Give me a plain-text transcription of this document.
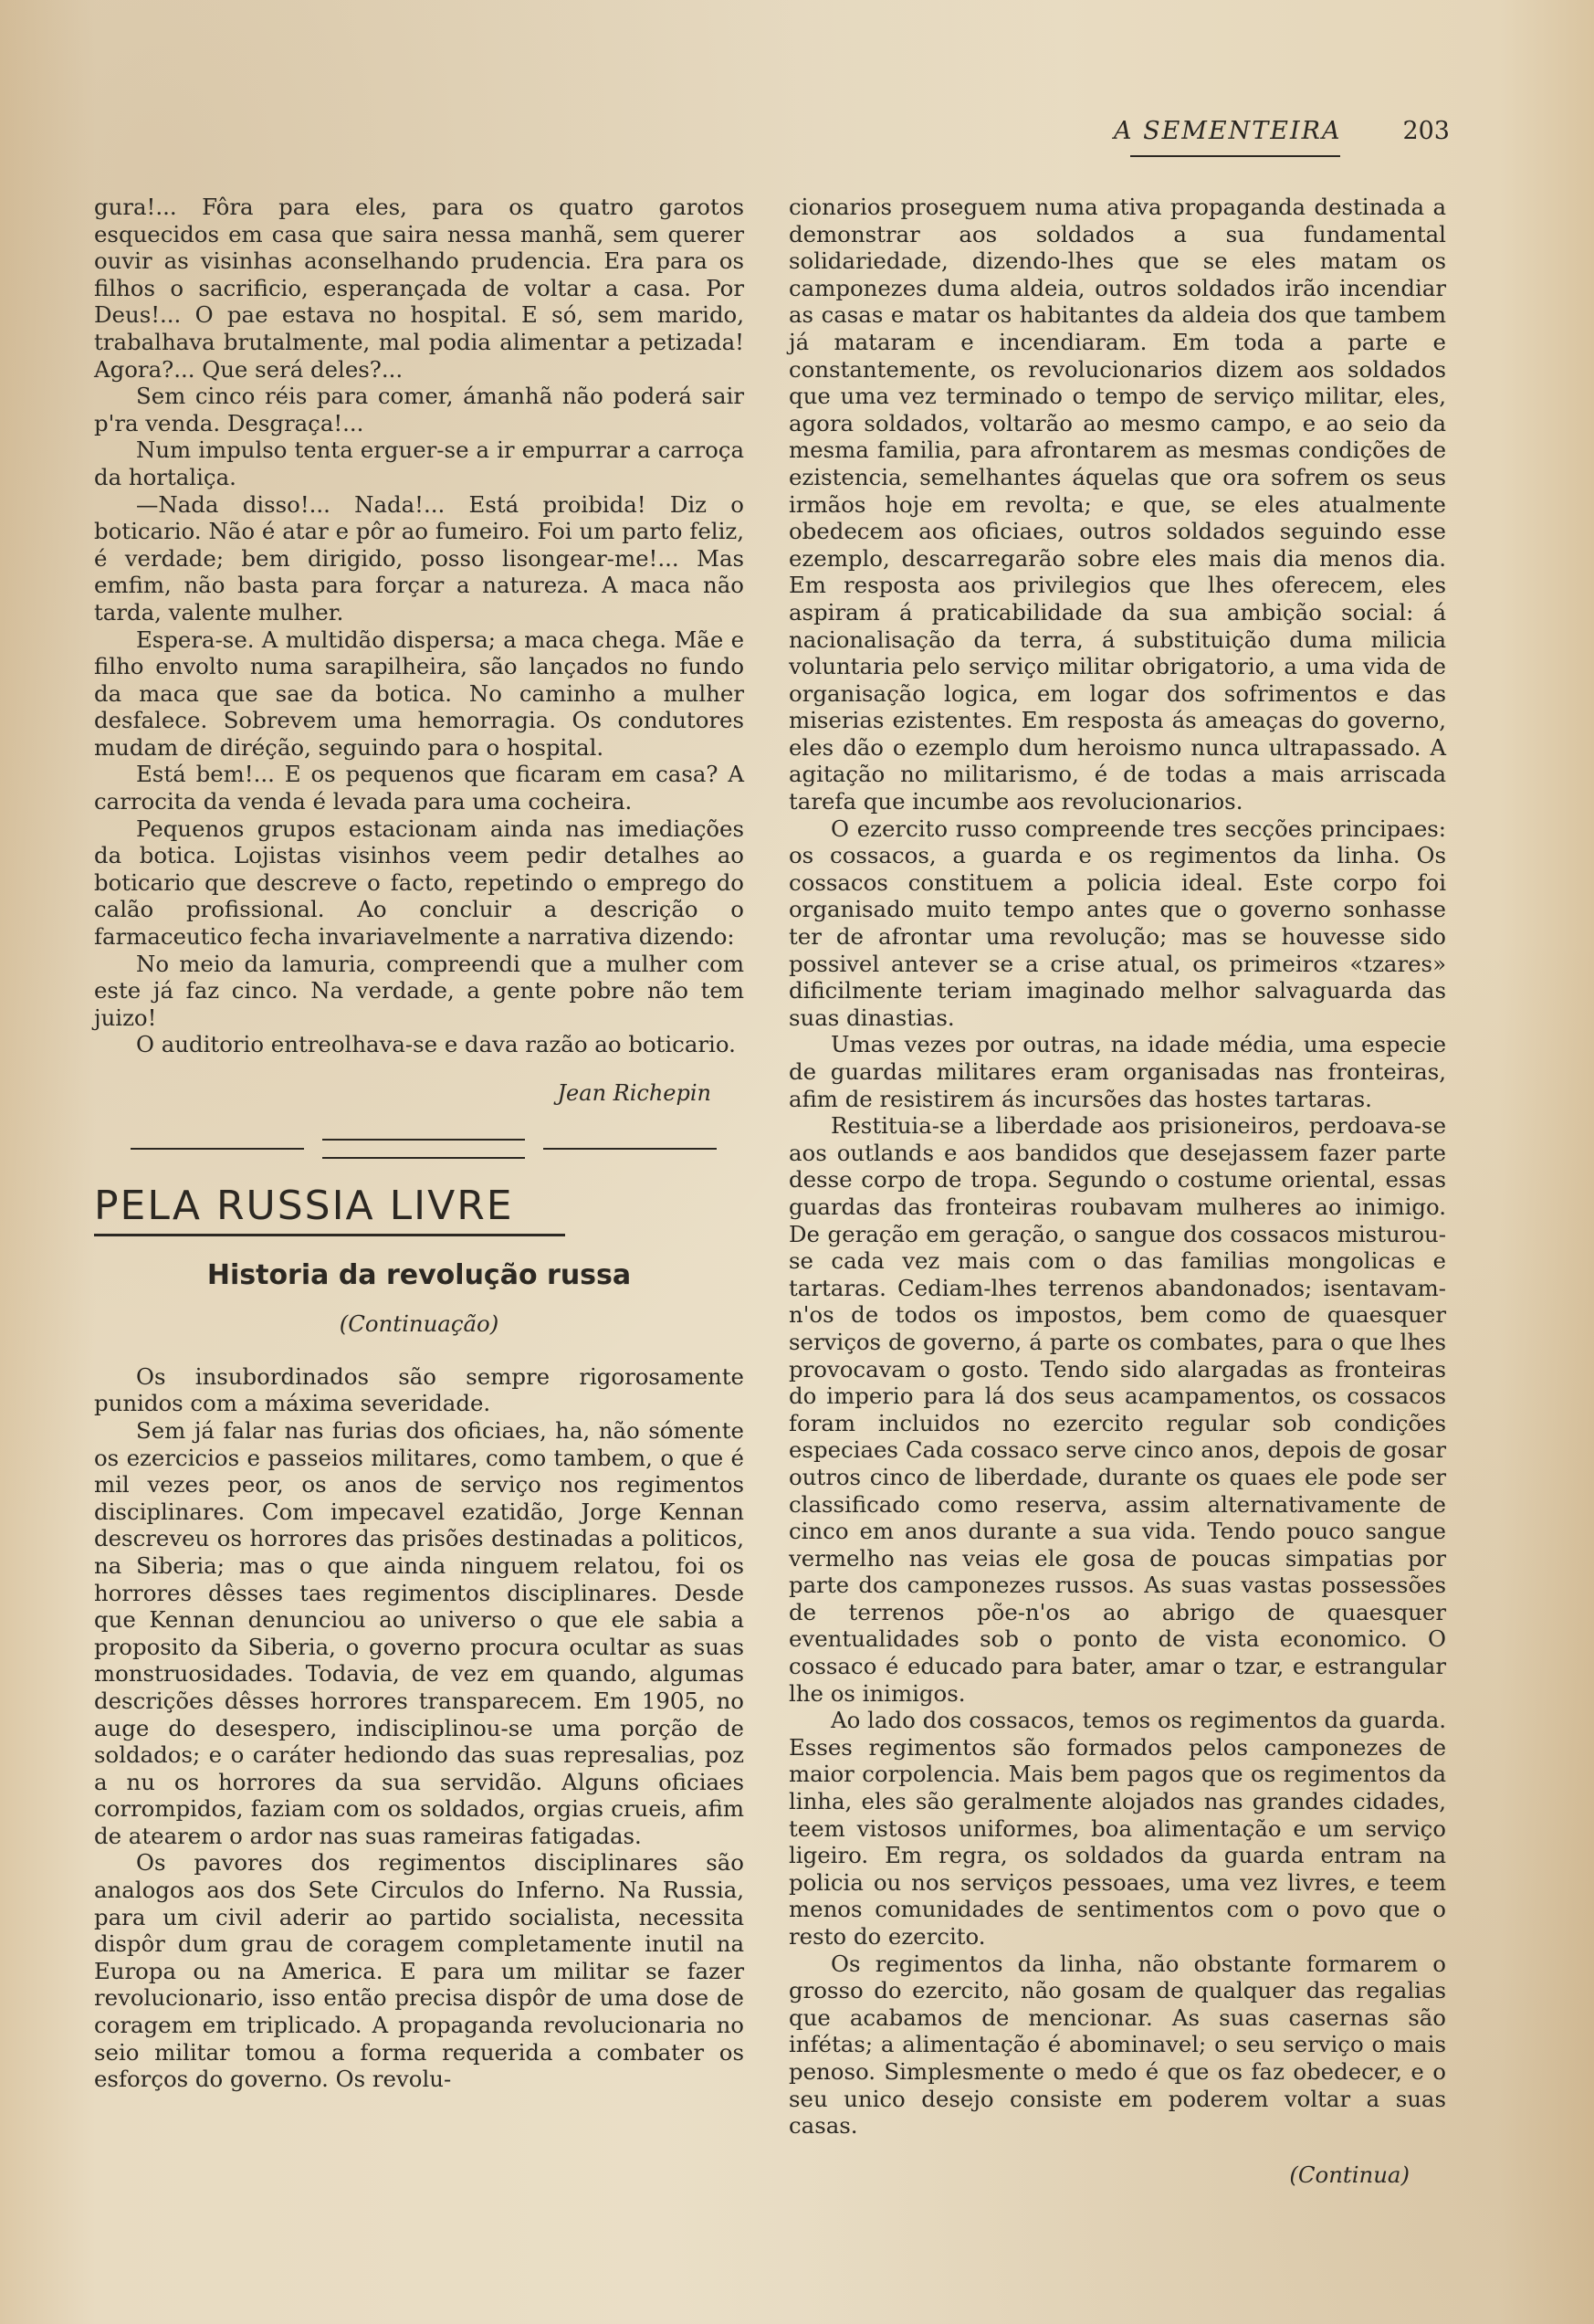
A SEMENTEIRA 203

gura!... Fôra para eles, para os quatro garotos esquecidos em casa que saira nessa manhã, sem querer ouvir as visinhas aconselhando prudencia. Era para os filhos o sacrificio, esperançada de voltar a casa. Por Deus!... O pae estava no hospital. E só, sem marido, trabalhava brutalmente, mal podia alimentar a petizada! Agora?... Que será deles?...

Sem cinco réis para comer, ámanhã não poderá sair p'ra venda. Desgraça!...

Num impulso tenta erguer-se a ir empurrar a carroça da hortaliça.

—Nada disso!... Nada!... Está proibida! Diz o boticario. Não é atar e pôr ao fumeiro. Foi um parto feliz, é verdade; bem dirigido, posso lisongear-me!... Mas emfim, não basta para forçar a natureza. A maca não tarda, valente mulher.

Espera-se. A multidão dispersa; a maca chega. Mãe e filho envolto numa sarapilheira, são lançados no fundo da maca que sae da botica. No caminho a mulher desfalece. Sobrevem uma hemorragia. Os condutores mudam de diréção, seguindo para o hospital.

Está bem!... E os pequenos que ficaram em casa? A carrocita da venda é levada para uma cocheira.

Pequenos grupos estacionam ainda nas imediações da botica. Lojistas visinhos veem pedir detalhes ao boticario que descreve o facto, repetindo o emprego do calão profissional. Ao concluir a descrição o farmaceutico fecha invariavelmente a narrativa dizendo:

No meio da lamuria, compreendi que a mulher com este já faz cinco. Na verdade, a gente pobre não tem juizo!

O auditorio entreolhava-se e dava razão ao boticario.

Jean Richepin
PELA RUSSIA LIVRE
Historia da revolução russa
(Continuação)

Os insubordinados são sempre rigorosamente punidos com a máxima severidade.

Sem já falar nas furias dos oficiaes, ha, não sómente os ezercicios e passeios militares, como tambem, o que é mil vezes peor, os anos de serviço nos regimentos disciplinares. Com impecavel ezatidão, Jorge Kennan descreveu os horrores das prisões destinadas a politicos, na Siberia; mas o que ainda ninguem relatou, foi os horrores dêsses taes regimentos disciplinares. Desde que Kennan denunciou ao universo o que ele sabia a proposito da Siberia, o governo procura ocultar as suas monstruosidades. Todavia, de vez em quando, algumas descrições dêsses horrores transparecem. Em 1905, no auge do desespero, indisciplinou-se uma porção de soldados; e o caráter hediondo das suas represalias, poz a nu os horrores da sua servidão. Alguns oficiaes corrompidos, faziam com os soldados, orgias crueis, afim de atearem o ardor nas suas rameiras fatigadas.

Os pavores dos regimentos disciplinares são analogos aos dos Sete Circulos do Inferno. Na Russia, para um civil aderir ao partido socialista, necessita dispôr dum grau de coragem completamente inutil na Europa ou na America. E para um militar se fazer revolucionario, isso então precisa dispôr de uma dose de coragem em triplicado. A propaganda revolucionaria no seio militar tomou a forma requerida a combater os esforços do governo. Os revolu-

cionarios proseguem numa ativa propaganda destinada a demonstrar aos soldados a sua fundamental solidariedade, dizendo-lhes que se eles matam os camponezes duma aldeia, outros soldados irão incendiar as casas e matar os habitantes da aldeia dos que tambem já mataram e incendiaram. Em toda a parte e constantemente, os revolucionarios dizem aos soldados que uma vez terminado o tempo de serviço militar, eles, agora soldados, voltarão ao mesmo campo, e ao seio da mesma familia, para afrontarem as mesmas condições de ezistencia, semelhantes áquelas que ora sofrem os seus irmãos hoje em revolta; e que, se eles atualmente obedecem aos oficiaes, outros soldados seguindo esse ezemplo, descarregarão sobre eles mais dia menos dia. Em resposta aos privilegios que lhes oferecem, eles aspiram á praticabilidade da sua ambição social: á nacionalisação da terra, á substituição duma milicia voluntaria pelo serviço militar obrigatorio, a uma vida de organisação logica, em logar dos sofrimentos e das miserias ezistentes. Em resposta ás ameaças do governo, eles dão o ezemplo dum heroismo nunca ultrapassado. A agitação no militarismo, é de todas a mais arriscada tarefa que incumbe aos revolucionarios.

O ezercito russo compreende tres secções principaes: os cossacos, a guarda e os regimentos da linha. Os cossacos constituem a policia ideal. Este corpo foi organisado muito tempo antes que o governo sonhasse ter de afrontar uma revolução; mas se houvesse sido possivel antever se a crise atual, os primeiros «tzares» dificilmente teriam imaginado melhor salvaguarda das suas dinastias.

Umas vezes por outras, na idade média, uma especie de guardas militares eram organisadas nas fronteiras, afim de resistirem ás incursões das hostes tartaras.

Restituia-se a liberdade aos prisioneiros, perdoava-se aos outlands e aos bandidos que desejassem fazer parte desse corpo de tropa. Segundo o costume oriental, essas guardas das fronteiras roubavam mulheres ao inimigo. De geração em geração, o sangue dos cossacos misturou-se cada vez mais com o das familias mongolicas e tartaras. Cediam-lhes terrenos abandonados; isentavam-n'os de todos os impostos, bem como de quaesquer serviços de governo, á parte os combates, para o que lhes provocavam o gosto. Tendo sido alargadas as fronteiras do imperio para lá dos seus acampamentos, os cossacos foram incluidos no ezercito regular sob condições especiaes Cada cossaco serve cinco anos, depois de gosar outros cinco de liberdade, durante os quaes ele pode ser classificado como reserva, assim alternativamente de cinco em anos durante a sua vida. Tendo pouco sangue vermelho nas veias ele gosa de poucas simpatias por parte dos camponezes russos. As suas vastas possessões de terrenos põe-n'os ao abrigo de quaesquer eventualidades sob o ponto de vista economico. O cossaco é educado para bater, amar o tzar, e estrangular lhe os inimigos.

Ao lado dos cossacos, temos os regimentos da guarda. Esses regimentos são formados pelos camponezes de maior corpolencia. Mais bem pagos que os regimentos da linha, eles são geralmente alojados nas grandes cidades, teem vistosos uniformes, boa alimentação e um serviço ligeiro. Em regra, os soldados da guarda entram na policia ou nos serviços pessoaes, uma vez livres, e teem menos comunidades de sentimentos com o povo que o resto do ezercito.

Os regimentos da linha, não obstante formarem o grosso do ezercito, não gosam de qualquer das regalias que acabamos de mencionar. As suas casernas são infétas; a alimentação é abominavel; o seu serviço o mais penoso. Simplesmente o medo é que os faz obedecer, e o seu unico desejo consiste em poderem voltar a suas casas.

(Continua)
